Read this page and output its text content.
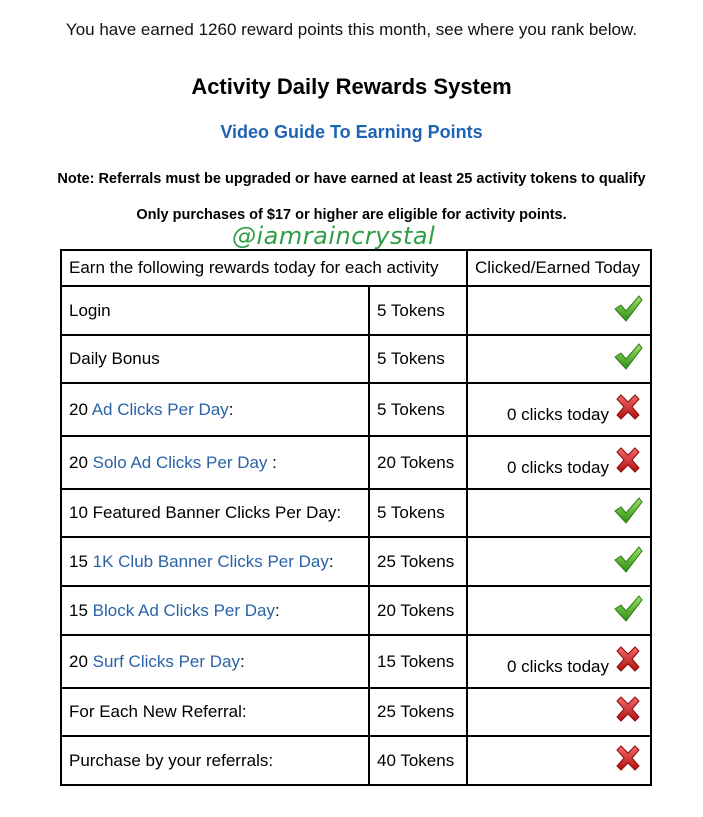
You have earned 1260 reward points this month, see where you rank below.
Activity Daily Rewards System
Video Guide To Earning Points
Note: Referrals must be upgraded or have earned at least 25 activity tokens to qualify
Only purchases of $17 or higher are eligible for activity points.
@iamraincrystal
Earn the following rewards today for each activity		Clicked/Earned Today
Login	5 Tokens	

Daily Bonus	5 Tokens	

20 Ad Clicks Per Day:	5 Tokens	0 clicks today

20 Solo Ad Clicks Per Day :	20 Tokens	0 clicks today

10 Featured Banner Clicks Per Day:	5 Tokens	

15 1K Club Banner Clicks Per Day:	25 Tokens	

15 Block Ad Clicks Per Day:	20 Tokens	

20 Surf Clicks Per Day:	15 Tokens	0 clicks today

For Each New Referral:	25 Tokens	

Purchase by your referrals:	40 Tokens	
